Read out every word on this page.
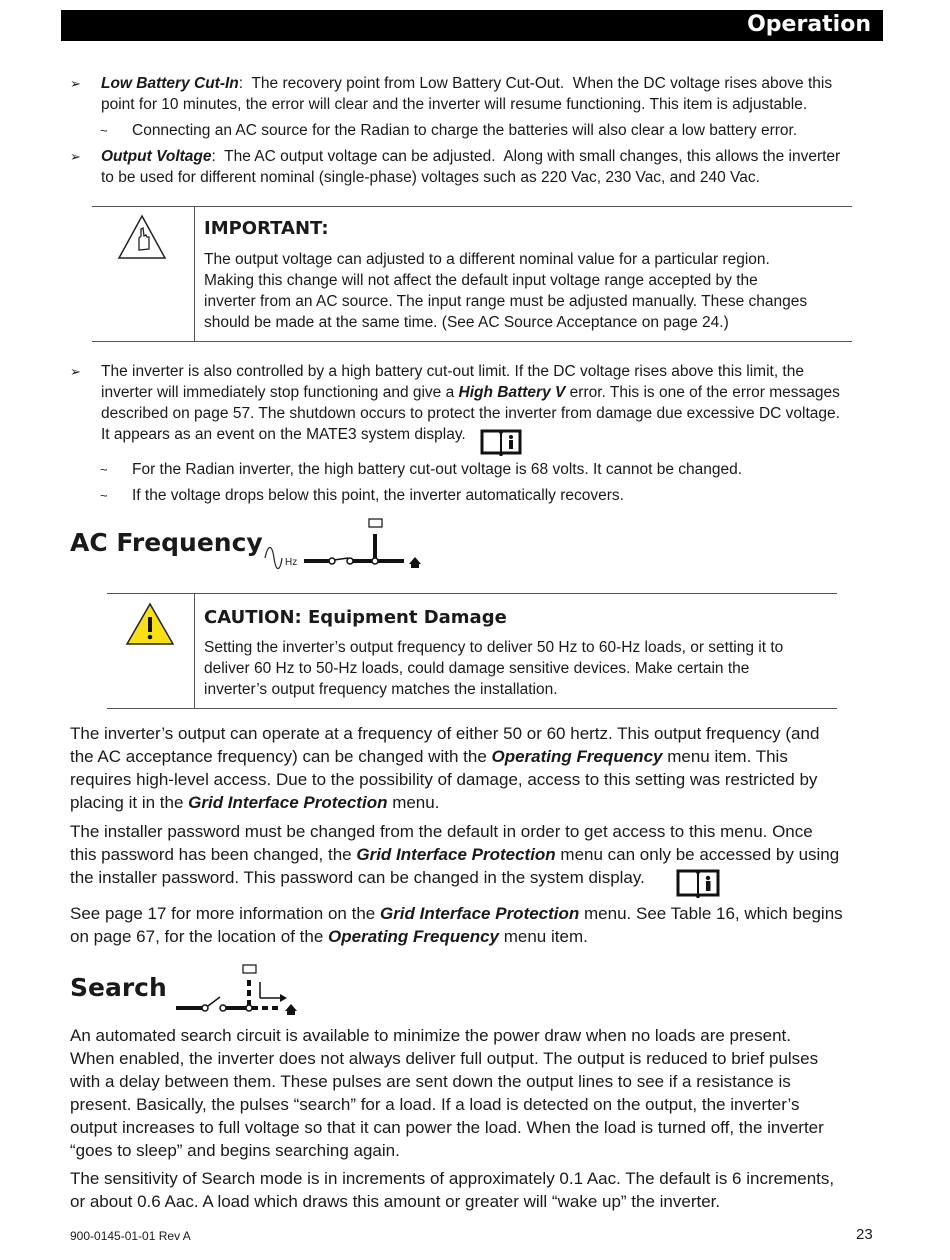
Operation
➢ Low Battery Cut-In:  The recovery point from Low Battery Cut-Out.  When the DC voltage rises above this
point for 10 minutes, the error will clear and the inverter will resume functioning. This item is adjustable.
~ Connecting an AC source for the Radian to charge the batteries will also clear a low battery error.
➢ Output Voltage:  The AC output voltage can be adjusted.  Along with small changes, this allows the inverter
to be used for different nominal (single-phase) voltages such as 220 Vac, 230 Vac, and 240 Vac.
IMPORTANT:
The output voltage can adjusted to a different nominal value for a particular region.
Making this change will not affect the default input voltage range accepted by the
inverter from an AC source. The input range must be adjusted manually. These changes
should be made at the same time. (See AC Source Acceptance on page 24.)
➢ The inverter is also controlled by a high battery cut-out limit. If the DC voltage rises above this limit, the
inverter will immediately stop functioning and give a High Battery V error. This is one of the error messages
described on page 57. The shutdown occurs to protect the inverter from damage due excessive DC voltage.
It appears as an event on the MATE3 system display.
~ For the Radian inverter, the high battery cut-out voltage is 68 volts. It cannot be changed.
~ If the voltage drops below this point, the inverter automatically recovers.
AC Frequency
Hz
CAUTION: Equipment Damage
Setting the inverter’s output frequency to deliver 50 Hz to 60-Hz loads, or setting it to
deliver 60 Hz to 50-Hz loads, could damage sensitive devices. Make certain the
inverter’s output frequency matches the installation.
The inverter’s output can operate at a frequency of either 50 or 60 hertz. This output frequency (and
the AC acceptance frequency) can be changed with the Operating Frequency menu item. This
requires high-level access. Due to the possibility of damage, access to this setting was restricted by
placing it in the Grid Interface Protection menu.
The installer password must be changed from the default in order to get access to this menu. Once
this password has been changed, the Grid Interface Protection menu can only be accessed by using
the installer password. This password can be changed in the system display.
See page 17 for more information on the Grid Interface Protection menu. See Table 16, which begins
on page 67, for the location of the Operating Frequency menu item.
Search
An automated search circuit is available to minimize the power draw when no loads are present.
When enabled, the inverter does not always deliver full output. The output is reduced to brief pulses
with a delay between them. These pulses are sent down the output lines to see if a resistance is
present. Basically, the pulses “search” for a load. If a load is detected on the output, the inverter’s
output increases to full voltage so that it can power the load. When the load is turned off, the inverter
“goes to sleep” and begins searching again.
The sensitivity of Search mode is in increments of approximately 0.1 Aac. The default is 6 increments,
or about 0.6 Aac. A load which draws this amount or greater will “wake up” the inverter.
900-0145-01-01 Rev A	23
